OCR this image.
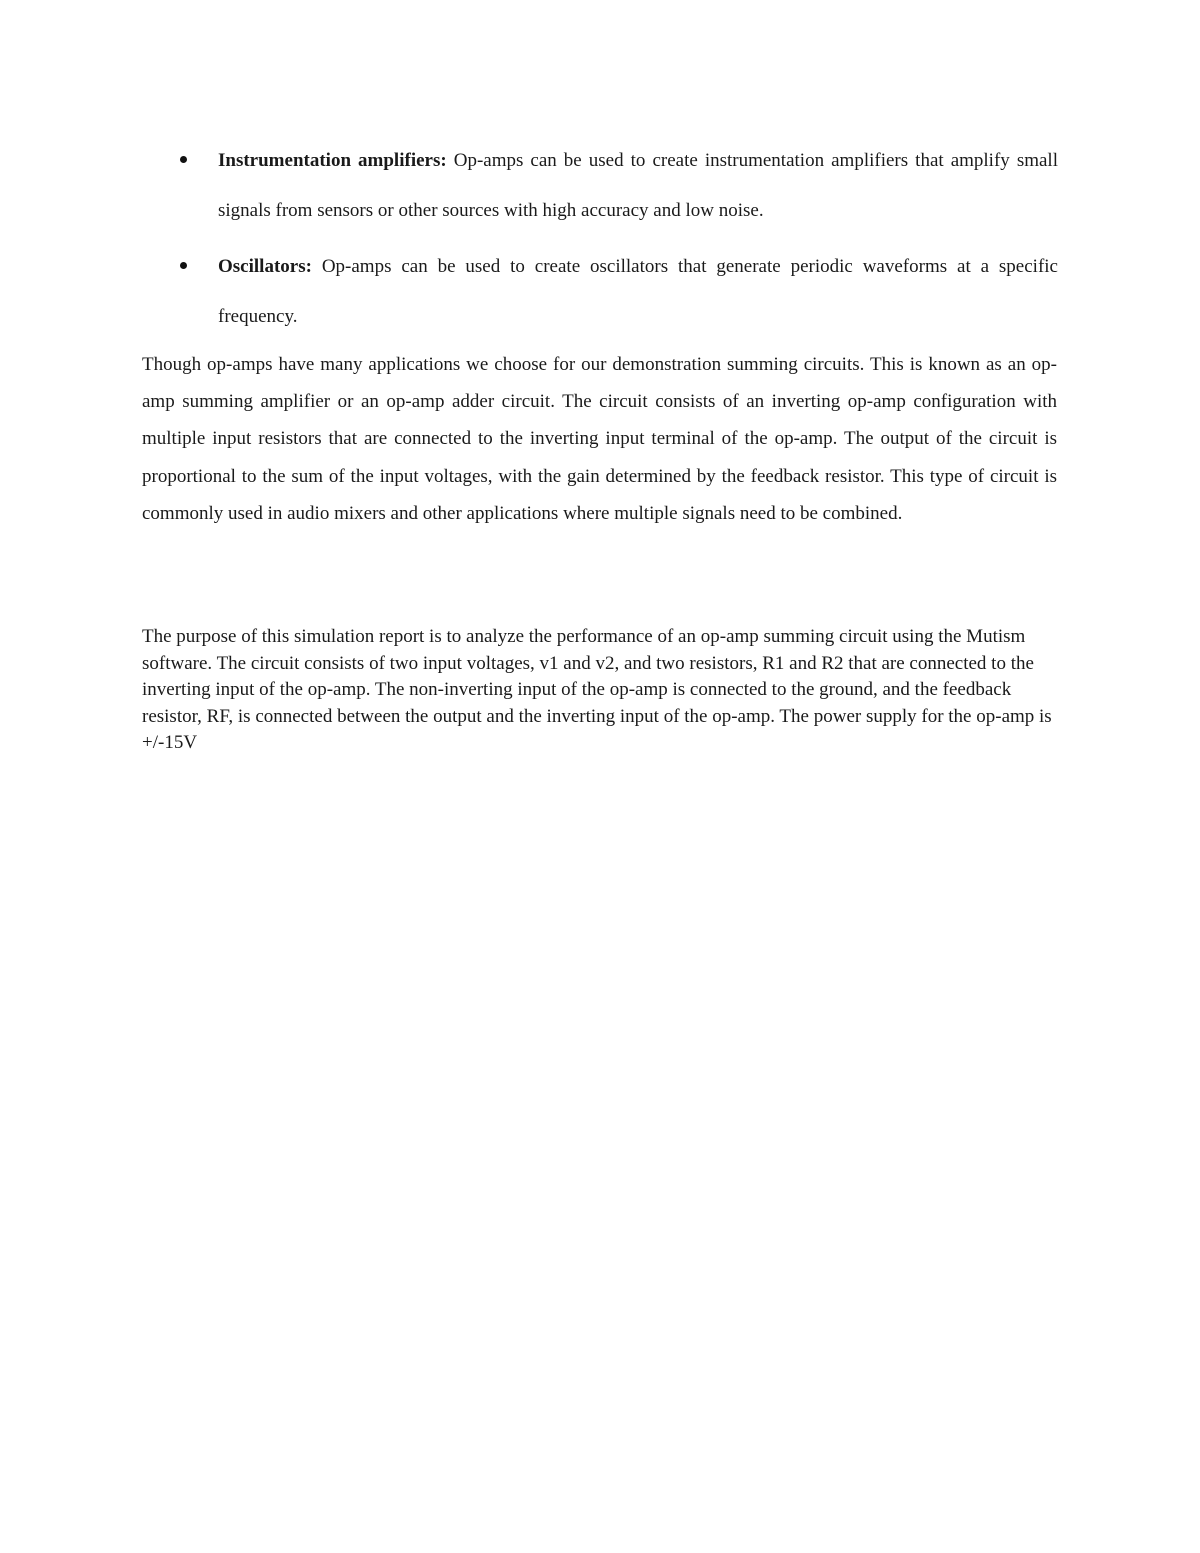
Instrumentation amplifiers: Op-amps can be used to create instrumentation amplifiers that amplify small signals from sensors or other sources with high accuracy and low noise.
Oscillators: Op-amps can be used to create oscillators that generate periodic waveforms at a specific frequency.

Though op-amps have many applications we choose for our demonstration summing circuits. This is known as an op-amp summing amplifier or an op-amp adder circuit. The circuit consists of an inverting op-amp configuration with multiple input resistors that are connected to the inverting input terminal of the op-amp. The output of the circuit is proportional to the sum of the input voltages, with the gain determined by the feedback resistor. This type of circuit is commonly used in audio mixers and other applications where multiple signals need to be combined.

The purpose of this simulation report is to analyze the performance of an op-amp summing circuit using the Mutism software. The circuit consists of two input voltages, v1 and v2, and two resistors, R1 and R2 that are connected to the inverting input of the op-amp. The non-inverting input of the op-amp is connected to the ground, and the feedback resistor, RF, is connected between the output and the inverting input of the op-amp. The power supply for the op-amp is +/-15V
